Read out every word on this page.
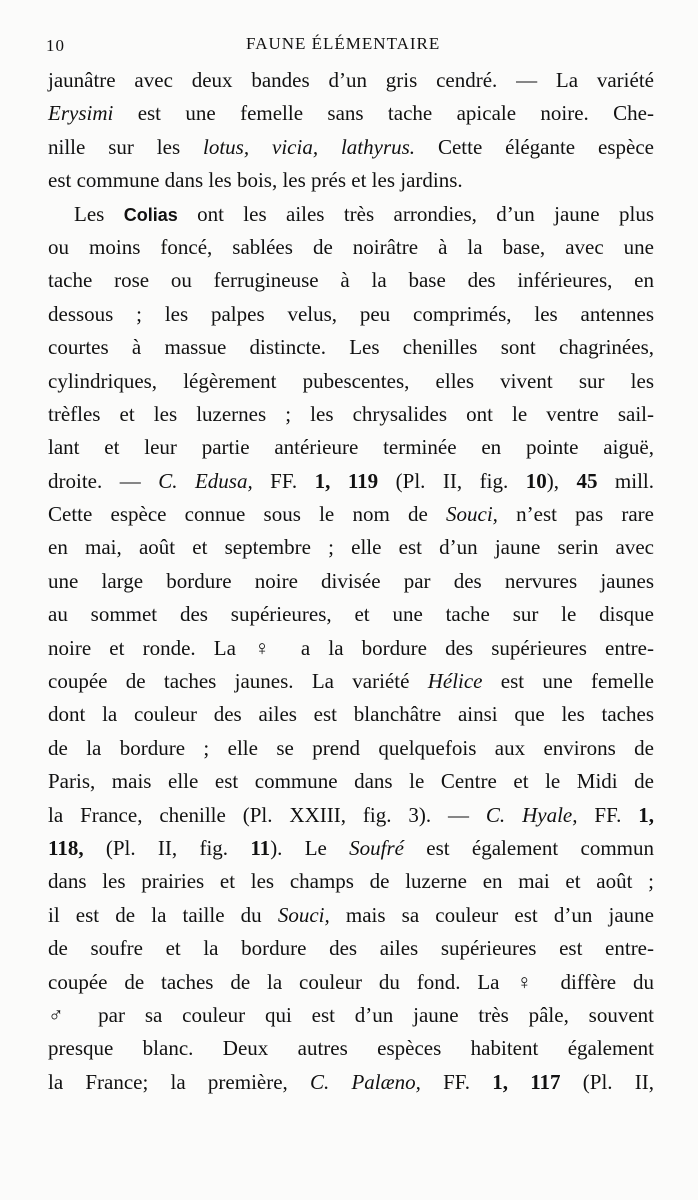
10	FAUNE ÉLÉMENTAIRE
jaunâtre avec deux bandes d’un gris cendré. — La variété
Erysimi est une femelle sans tache apicale noire. Che-
nille sur les lotus, vicia, lathyrus. Cette élégante espèce
est commune dans les bois, les prés et les jardins.
Les Colias ont les ailes très arrondies, d’un jaune plus
ou moins foncé, sablées de noirâtre à la base, avec une
tache rose ou ferrugineuse à la base des inférieures, en
dessous ; les palpes velus, peu comprimés, les antennes
courtes à massue distincte. Les chenilles sont chagrinées,
cylindriques, légèrement pubescentes, elles vivent sur les
trèfles et les luzernes ; les chrysalides ont le ventre sail-
lant et leur partie antérieure terminée en pointe aiguë,
droite. — C. Edusa, FF. 1, 119 (Pl. II, fig. 10), 45 mill.
Cette espèce connue sous le nom de Souci, n’est pas rare
en mai, août et septembre ; elle est d’un jaune serin avec
une large bordure noire divisée par des nervures jaunes
au sommet des supérieures, et une tache sur le disque
noire et ronde. La ♀ a la bordure des supérieures entre-
coupée de taches jaunes. La variété Hélice est une femelle
dont la couleur des ailes est blanchâtre ainsi que les taches
de la bordure ; elle se prend quelquefois aux environs de
Paris, mais elle est commune dans le Centre et le Midi de
la France, chenille (Pl. XXIII, fig. 3). — C. Hyale, FF. 1,
118, (Pl. II, fig. 11). Le Soufré est également commun
dans les prairies et les champs de luzerne en mai et août ;
il est de la taille du Souci, mais sa couleur est d’un jaune
de soufre et la bordure des ailes supérieures est entre-
coupée de taches de la couleur du fond. La ♀ diffère du
♂ par sa couleur qui est d’un jaune très pâle, souvent
presque blanc. Deux autres espèces habitent également
la France; la première, C. Palæno, FF. 1, 117 (Pl. II,
